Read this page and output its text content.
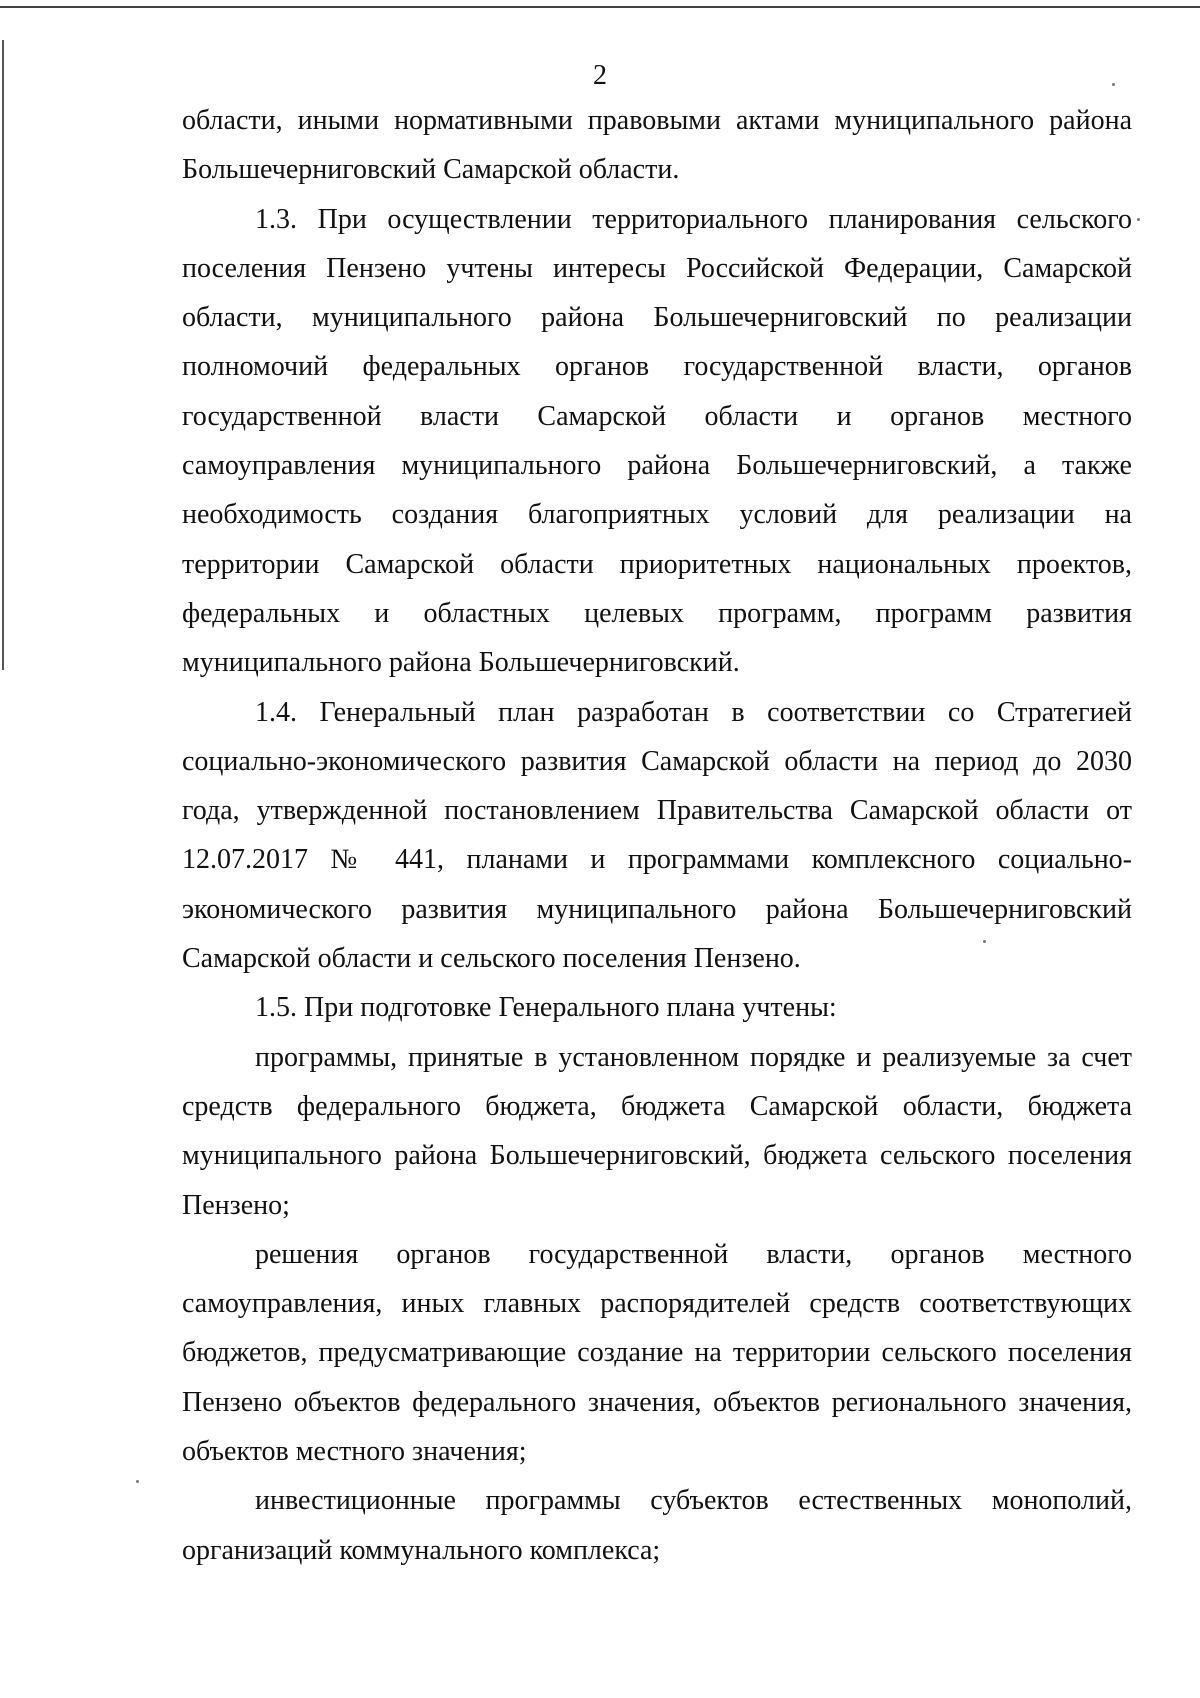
2

области, иными нормативными правовыми актами муниципального района Большечерниговский Самарской области.

1.3. При осуществлении территориального планирования сельского поселения Пензено учтены интересы Российской Федерации, Самарской области, муниципального района Большечерниговский по реализации полномочий федеральных органов государственной власти, органов государственной власти Самарской области и органов местного самоуправления муниципального района Большечерниговский, а также необходимость создания благоприятных условий для реализации на территории Самарской области приоритетных национальных проектов, федеральных и областных целевых программ, программ развития муниципального района Большечерниговский.

1.4. Генеральный план разработан в соответствии со Стратегией социально-экономического развития Самарской области на период до 2030 года, утвержденной постановлением Правительства Самарской области от 12.07.2017 № 441, планами и программами комплексного социально-экономического развития муниципального района Большечерниговский Самарской области и сельского поселения Пензено.

1.5. При подготовке Генерального плана учтены:

программы, принятые в установленном порядке и реализуемые за счет средств федерального бюджета, бюджета Самарской области, бюджета муниципального района Большечерниговский, бюджета сельского поселения Пензено;

решения органов государственной власти, органов местного самоуправления, иных главных распорядителей средств соответствующих бюджетов, предусматривающие создание на территории сельского поселения Пензено объектов федерального значения, объектов регионального значения, объектов местного значения;

инвестиционные программы субъектов естественных монополий, организаций коммунального комплекса;
